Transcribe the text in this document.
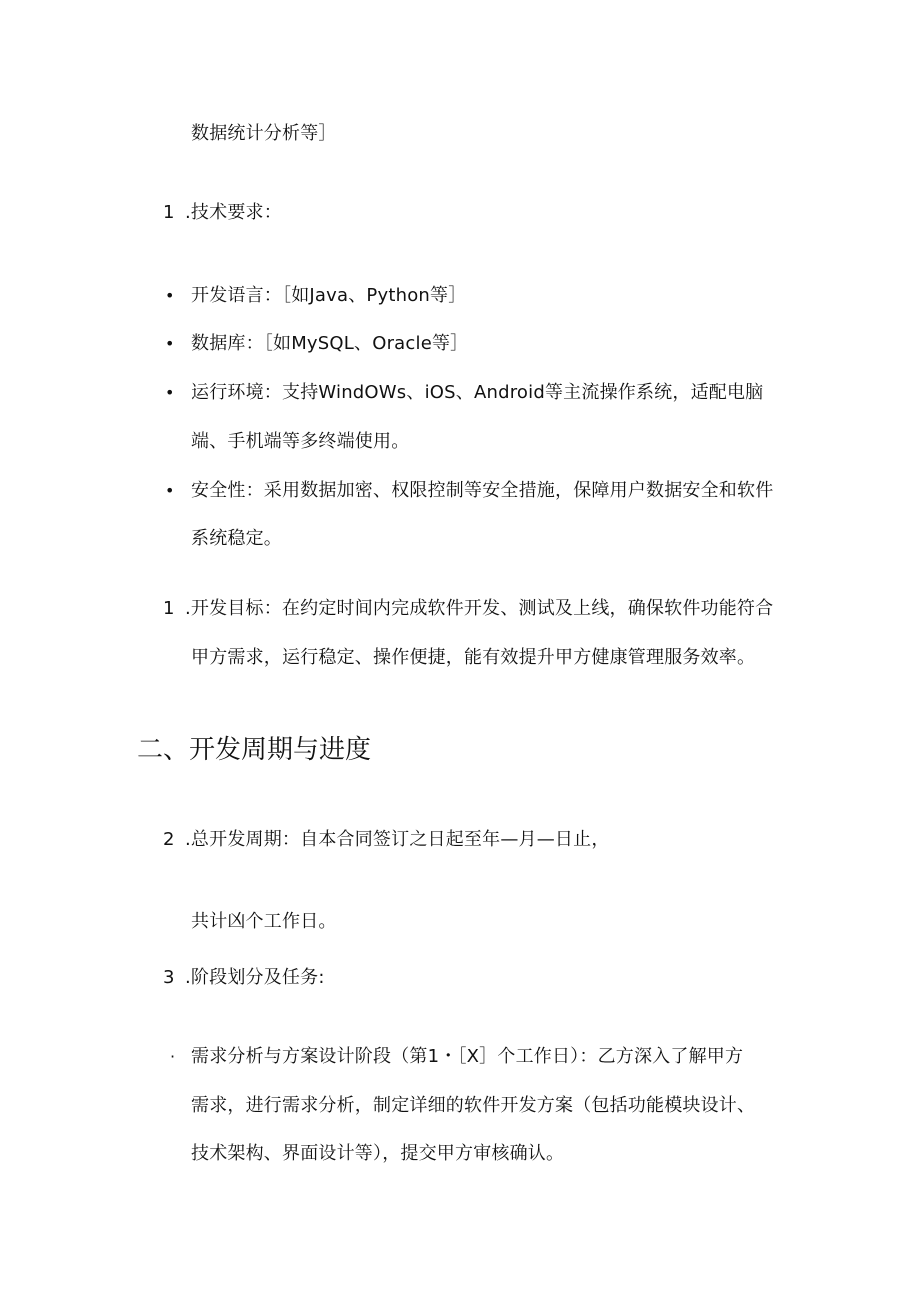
数据统计分析等］
1 .技术要求：
• 开发语言：［如Java、Python等］
• 数据库：［如MySQL、Oracle等］
• 运行环境：支持WindOWs、iOS、Android等主流操作系统，适配电脑
端、手机端等多终端使用。
• 安全性：采用数据加密、权限控制等安全措施，保障用户数据安全和软件
系统稳定。
1 .开发目标：在约定时间内完成软件开发、测试及上线，确保软件功能符合
甲方需求，运行稳定、操作便捷，能有效提升甲方健康管理服务效率。
二、开发周期与进度
2 .总开发周期：自本合同签订之日起至年—月—日止，
共计凶个工作日。
3 .阶段划分及任务:
· 需求分析与方案设计阶段（第1・［X］个工作日）：乙方深入了解甲方
需求，进行需求分析，制定详细的软件开发方案（包括功能模块设计、
技术架构、界面设计等），提交甲方审核确认。
